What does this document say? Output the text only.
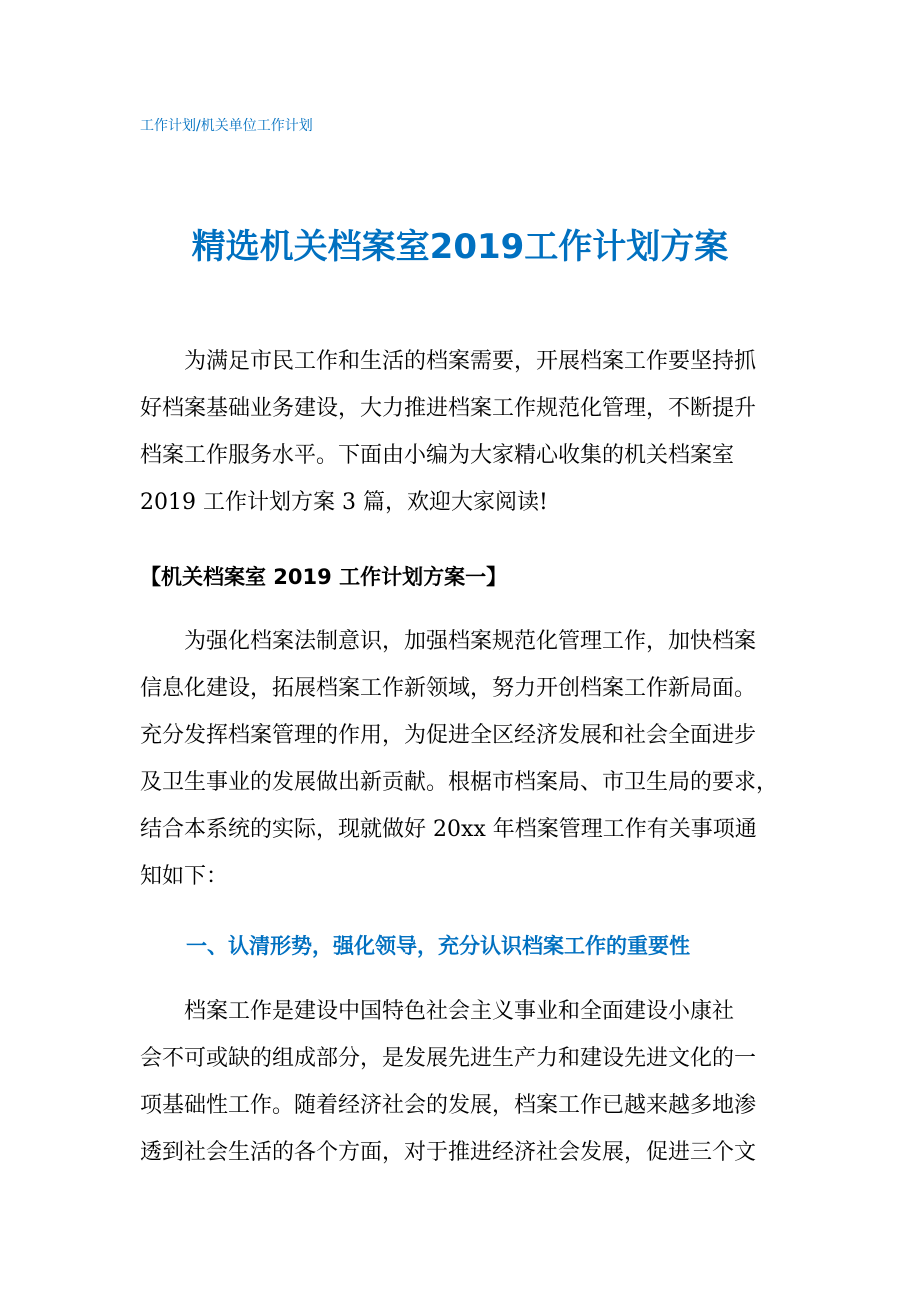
工作计划/机关单位工作计划
精选机关档案室2019工作计划方案
为满足市民工作和生活的档案需要，开展档案工作要坚持抓
好档案基础业务建设，大力推进档案工作规范化管理，不断提升
档案工作服务水平。下面由小编为大家精心收集的机关档案室
2019 工作计划方案 3 篇，欢迎大家阅读!
【机关档案室 2019 工作计划方案一】
为强化档案法制意识，加强档案规范化管理工作，加快档案
信息化建设，拓展档案工作新领域，努力开创档案工作新局面。
充分发挥档案管理的作用，为促进全区经济发展和社会全面进步
及卫生事业的发展做出新贡献。根椐市档案局、市卫生局的要求，
结合本系统的实际，现就做好 20xx 年档案管理工作有关事项通
知如下：
一、认清形势，强化领导，充分认识档案工作的重要性
档案工作是建设中国特色社会主义事业和全面建设小康社
会不可或缺的组成部分，是发展先进生产力和建设先进文化的一
项基础性工作。随着经济社会的发展，档案工作已越来越多地渗
透到社会生活的各个方面，对于推进经济社会发展，促进三个文
